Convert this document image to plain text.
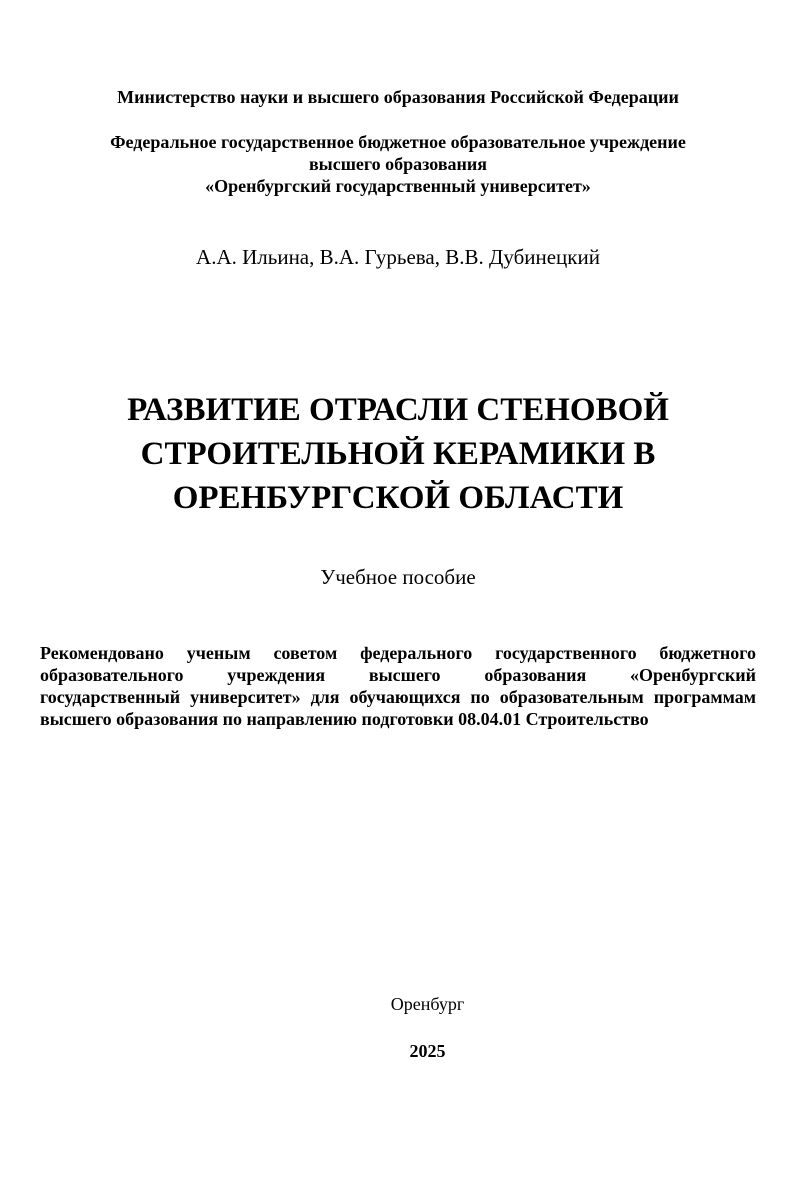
Министерство науки и высшего образования Российской Федерации
Федеральное государственное бюджетное образовательное учреждение
высшего образования
«Оренбургский государственный университет»
А.А. Ильина, В.А. Гурьева, В.В. Дубинецкий
РАЗВИТИЕ ОТРАСЛИ СТЕНОВОЙ
СТРОИТЕЛЬНОЙ КЕРАМИКИ В
ОРЕНБУРГСКОЙ ОБЛАСТИ
Учебное пособие
Рекомендовано ученым советом федерального государственного бюджетного
образовательного учреждения высшего образования «Оренбургский
государственный университет» для обучающихся по образовательным программам
высшего образования по направлению подготовки 08.04.01 Строительство
Оренбург
2025
